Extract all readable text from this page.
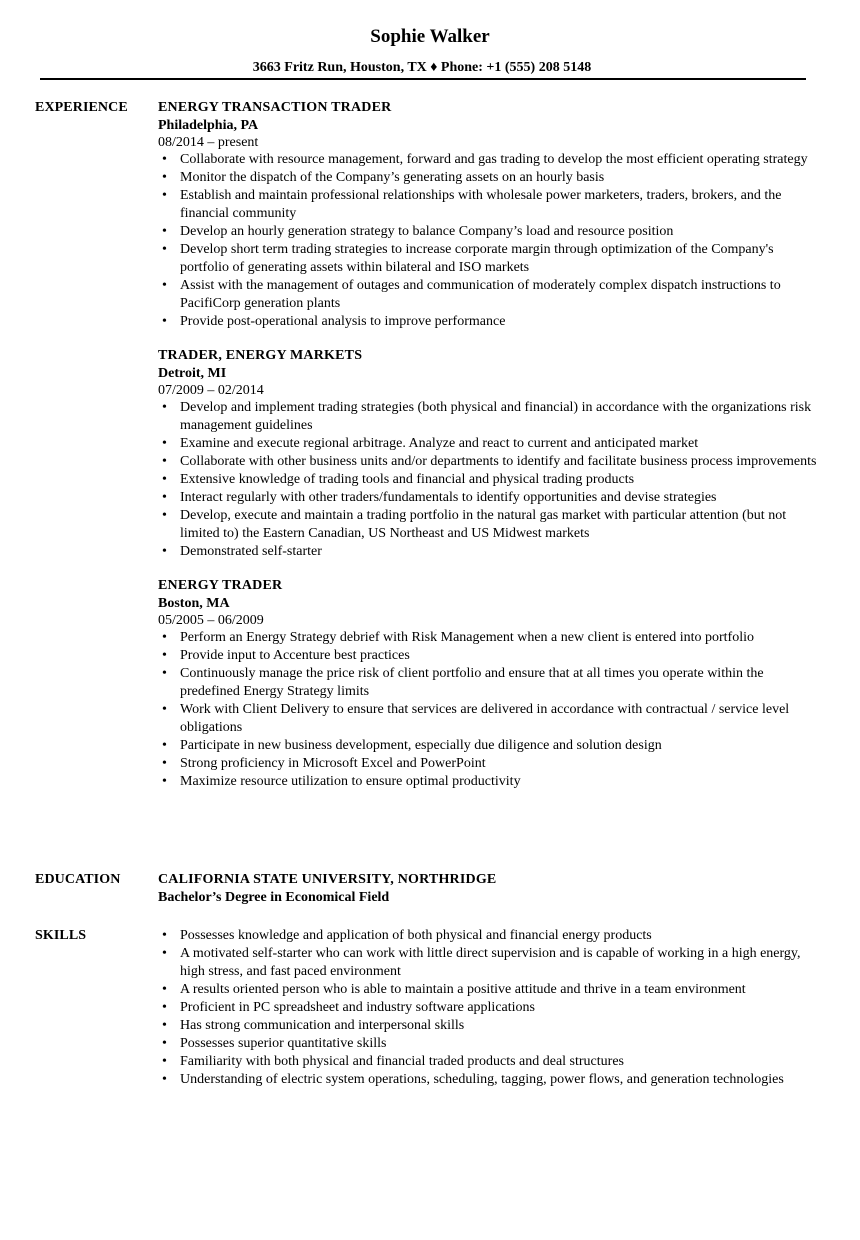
Sophie Walker
3663 Fritz Run, Houston, TX ♦ Phone: +1 (555) 208 5148
EXPERIENCE ENERGY TRANSACTION TRADER
Philadelphia, PA
08/2014 – present
• Collaborate with resource management, forward and gas trading to develop the most efficient operating strategy
• Monitor the dispatch of the Company’s generating assets on an hourly basis
• Establish and maintain professional relationships with wholesale power marketers, traders, brokers, and the financial community
• Develop an hourly generation strategy to balance Company’s load and resource position
• Develop short term trading strategies to increase corporate margin through optimization of the Company's portfolio of generating assets within bilateral and ISO markets
• Assist with the management of outages and communication of moderately complex dispatch instructions to PacifiCorp generation plants
• Provide post-operational analysis to improve performance
TRADER, ENERGY MARKETS
Detroit, MI
07/2009 – 02/2014
• Develop and implement trading strategies (both physical and financial) in accordance with the organizations risk management guidelines
• Examine and execute regional arbitrage. Analyze and react to current and anticipated market
• Collaborate with other business units and/or departments to identify and facilitate business process improvements
• Extensive knowledge of trading tools and financial and physical trading products
• Interact regularly with other traders/fundamentals to identify opportunities and devise strategies
• Develop, execute and maintain a trading portfolio in the natural gas market with particular attention (but not limited to) the Eastern Canadian, US Northeast and US Midwest markets
• Demonstrated self-starter
ENERGY TRADER
Boston, MA
05/2005 – 06/2009
• Perform an Energy Strategy debrief with Risk Management when a new client is entered into portfolio
• Provide input to Accenture best practices
• Continuously manage the price risk of client portfolio and ensure that at all times you operate within the predefined Energy Strategy limits
• Work with Client Delivery to ensure that services are delivered in accordance with contractual / service level obligations
• Participate in new business development, especially due diligence and solution design
• Strong proficiency in Microsoft Excel and PowerPoint
• Maximize resource utilization to ensure optimal productivity
EDUCATION	CALIFORNIA STATE UNIVERSITY, NORTHRIDGE
Bachelor’s Degree in Economical Field
SKILLS
•	Possesses knowledge and application of both physical and financial energy products
• A motivated self-starter who can work with little direct supervision and is capable of working in a high energy, high stress, and fast paced environment
• A results oriented person who is able to maintain a positive attitude and thrive in a team environment
• Proficient in PC spreadsheet and industry software applications
• Has strong communication and interpersonal skills
• Possesses superior quantitative skills
• Familiarity with both physical and financial traded products and deal structures
• Understanding of electric system operations, scheduling, tagging, power flows, and generation technologies
